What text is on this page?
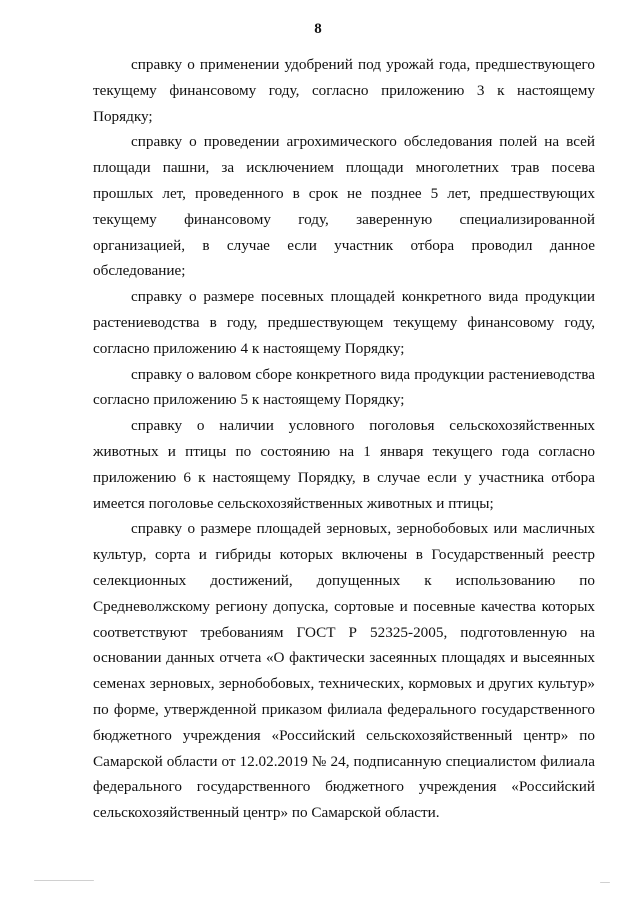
8

справку о применении удобрений под урожай года, предшествующего текущему финансовому году, согласно приложению 3 к настоящему Порядку;

справку о проведении агрохимического обследования полей на всей площади пашни, за исключением площади многолетних трав посева прошлых лет, проведенного в срок не позднее 5 лет, предшествующих текущему финансовому году, заверенную специализированной организацией, в случае если участник отбора проводил данное обследование;

справку о размере посевных площадей конкретного вида продукции растениеводства в году, предшествующем текущему финансовому году, согласно приложению 4 к настоящему Порядку;

справку о валовом сборе конкретного вида продукции растениеводства согласно приложению 5 к настоящему Порядку;

справку о наличии условного поголовья сельскохозяйственных животных и птицы по состоянию на 1 января текущего года согласно приложению 6 к настоящему Порядку, в случае если у участника отбора имеется поголовье сельскохозяйственных животных и птицы;

справку о размере площадей зерновых, зернобобовых или масличных культур, сорта и гибриды которых включены в Государственный реестр селекционных достижений, допущенных к использованию по Средневолжскому региону допуска, сортовые и посевные качества которых соответствуют требованиям ГОСТ Р 52325-2005, подготовленную на основании данных отчета «О фактически засеянных площадях и высеянных семенах зерновых, зернобобовых, технических, кормовых и других культур» по форме, утвержденной приказом филиала федерального государственного бюджетного учреждения «Российский сельскохозяйственный центр» по Самарской области от 12.02.2019 № 24, подписанную специалистом филиала федерального государственного бюджетного учреждения «Российский сельскохозяйственный центр» по Самарской области.
